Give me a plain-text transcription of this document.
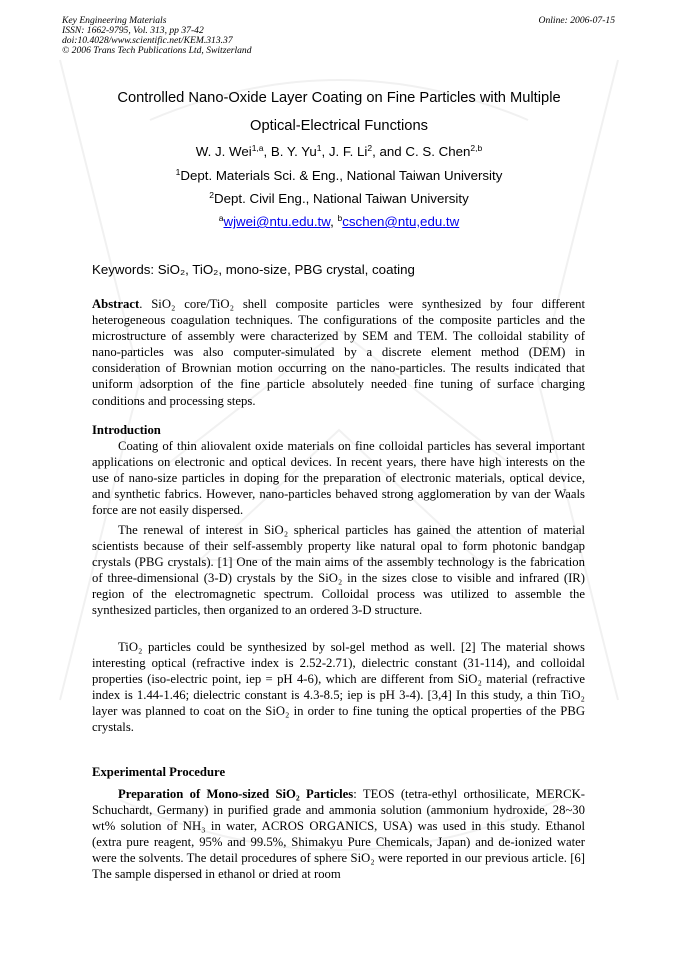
Key Engineering Materials
ISSN: 1662-9795, Vol. 313, pp 37-42
doi:10.4028/www.scientific.net/KEM.313.37
© 2006 Trans Tech Publications Ltd, Switzerland
Online: 2006-07-15
Controlled Nano-Oxide Layer Coating on Fine Particles with Multiple
Optical-Electrical Functions
W. J. Wei$^{1,a}$, B. Y. Yu$^1$, J. F. Li$^2$, and C. S. Chen$^{2,b}$
$^1$Dept. Materials Sci. & Eng., National Taiwan University
$^2$Dept. Civil Eng., National Taiwan University
$^a$wjwei@ntu.edu.tw, $^b$cschen@ntu,edu.tw
Keywords: SiO₂, TiO₂, mono-size, PBG crystal, coating

Abstract. SiO₂ core/TiO₂ shell composite particles were synthesized by four different heterogeneous coagulation techniques. The configurations of the composite particles and the microstructure of assembly were characterized by SEM and TEM. The colloidal stability of nano-particles was also computer-simulated by a discrete element method (DEM) in consideration of Brownian motion occurring on the nano-particles. The results indicated that uniform adsorption of the fine particle absolutely needed fine tuning of surface charging conditions and processing steps.

Introduction

Coating of thin aliovalent oxide materials on fine colloidal particles has several important applications on electronic and optical devices. In recent years, there have high interests on the use of nano-size particles in doping for the preparation of electronic materials, optical device, and synthetic fabrics. However, nano-particles behaved strong agglomeration by van der Waals force are not easily dispersed.

The renewal of interest in SiO₂ spherical particles has gained the attention of material scientists because of their self-assembly property like natural opal to form photonic bandgap crystals (PBG crystals). [1] One of the main aims of the assembly technology is the fabrication of three-dimensional (3-D) crystals by the SiO₂ in the sizes close to visible and infrared (IR) region of the electromagnetic spectrum. Colloidal process was utilized to assemble the synthesized particles, then organized to an ordered 3-D structure.

TiO₂ particles could be synthesized by sol-gel method as well. [2] The material shows interesting optical (refractive index is 2.52-2.71), dielectric constant (31-114), and colloidal properties (iso-electric point, iep = pH 4-6), which are different from SiO₂ material (refractive index is 1.44-1.46; dielectric constant is 4.3-8.5; iep is pH 3-4). [3,4] In this study, a thin TiO₂ layer was planned to coat on the SiO₂ in order to fine tuning the optical properties of the PBG crystals.

Experimental Procedure

Preparation of Mono-sized SiO₂ Particles: TEOS (tetra-ethyl orthosilicate, MERCK- Schuchardt, Germany) in purified grade and ammonia solution (ammonium hydroxide, 28~30 wt% solution of NH₃ in water, ACROS ORGANICS, USA) was used in this study. Ethanol (extra pure reagent, 95% and 99.5%, Shimakyu Pure Chemicals, Japan) and de-ionized water were the solvents. The detail procedures of sphere SiO₂ were reported in our previous article. [6] The sample dispersed in ethanol or dried at room
